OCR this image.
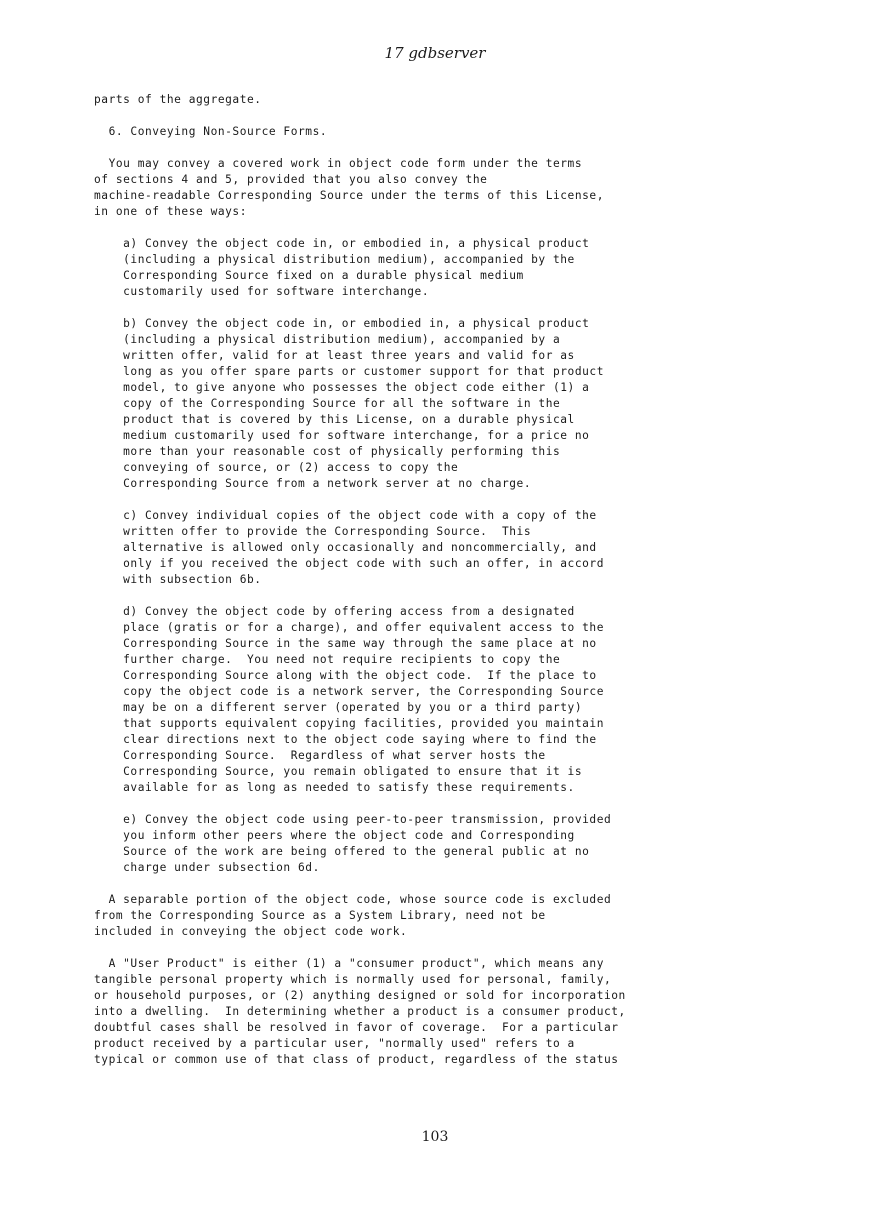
17 gdbserver
parts of the aggregate.
6. Conveying Non-Source Forms.
You may convey a covered work in object code form under the terms
of sections 4 and 5, provided that you also convey the
machine-readable Corresponding Source under the terms of this License,
in one of these ways:
a) Convey the object code in, or embodied in, a physical product
(including a physical distribution medium), accompanied by the
Corresponding Source fixed on a durable physical medium
customarily used for software interchange.
b) Convey the object code in, or embodied in, a physical product
(including a physical distribution medium), accompanied by a
written offer, valid for at least three years and valid for as
long as you offer spare parts or customer support for that product
model, to give anyone who possesses the object code either (1) a
copy of the Corresponding Source for all the software in the
product that is covered by this License, on a durable physical
medium customarily used for software interchange, for a price no
more than your reasonable cost of physically performing this
conveying of source, or (2) access to copy the
Corresponding Source from a network server at no charge.
c) Convey individual copies of the object code with a copy of the
written offer to provide the Corresponding Source.  This
alternative is allowed only occasionally and noncommercially, and
only if you received the object code with such an offer, in accord
with subsection 6b.
d) Convey the object code by offering access from a designated
place (gratis or for a charge), and offer equivalent access to the
Corresponding Source in the same way through the same place at no
further charge.  You need not require recipients to copy the
Corresponding Source along with the object code.  If the place to
copy the object code is a network server, the Corresponding Source
may be on a different server (operated by you or a third party)
that supports equivalent copying facilities, provided you maintain
clear directions next to the object code saying where to find the
Corresponding Source.  Regardless of what server hosts the
Corresponding Source, you remain obligated to ensure that it is
available for as long as needed to satisfy these requirements.
e) Convey the object code using peer-to-peer transmission, provided
you inform other peers where the object code and Corresponding
Source of the work are being offered to the general public at no
charge under subsection 6d.
A separable portion of the object code, whose source code is excluded
from the Corresponding Source as a System Library, need not be
included in conveying the object code work.
A "User Product" is either (1) a "consumer product", which means any
tangible personal property which is normally used for personal, family,
or household purposes, or (2) anything designed or sold for incorporation
into a dwelling.  In determining whether a product is a consumer product,
doubtful cases shall be resolved in favor of coverage.  For a particular
product received by a particular user, "normally used" refers to a
typical or common use of that class of product, regardless of the status
103
